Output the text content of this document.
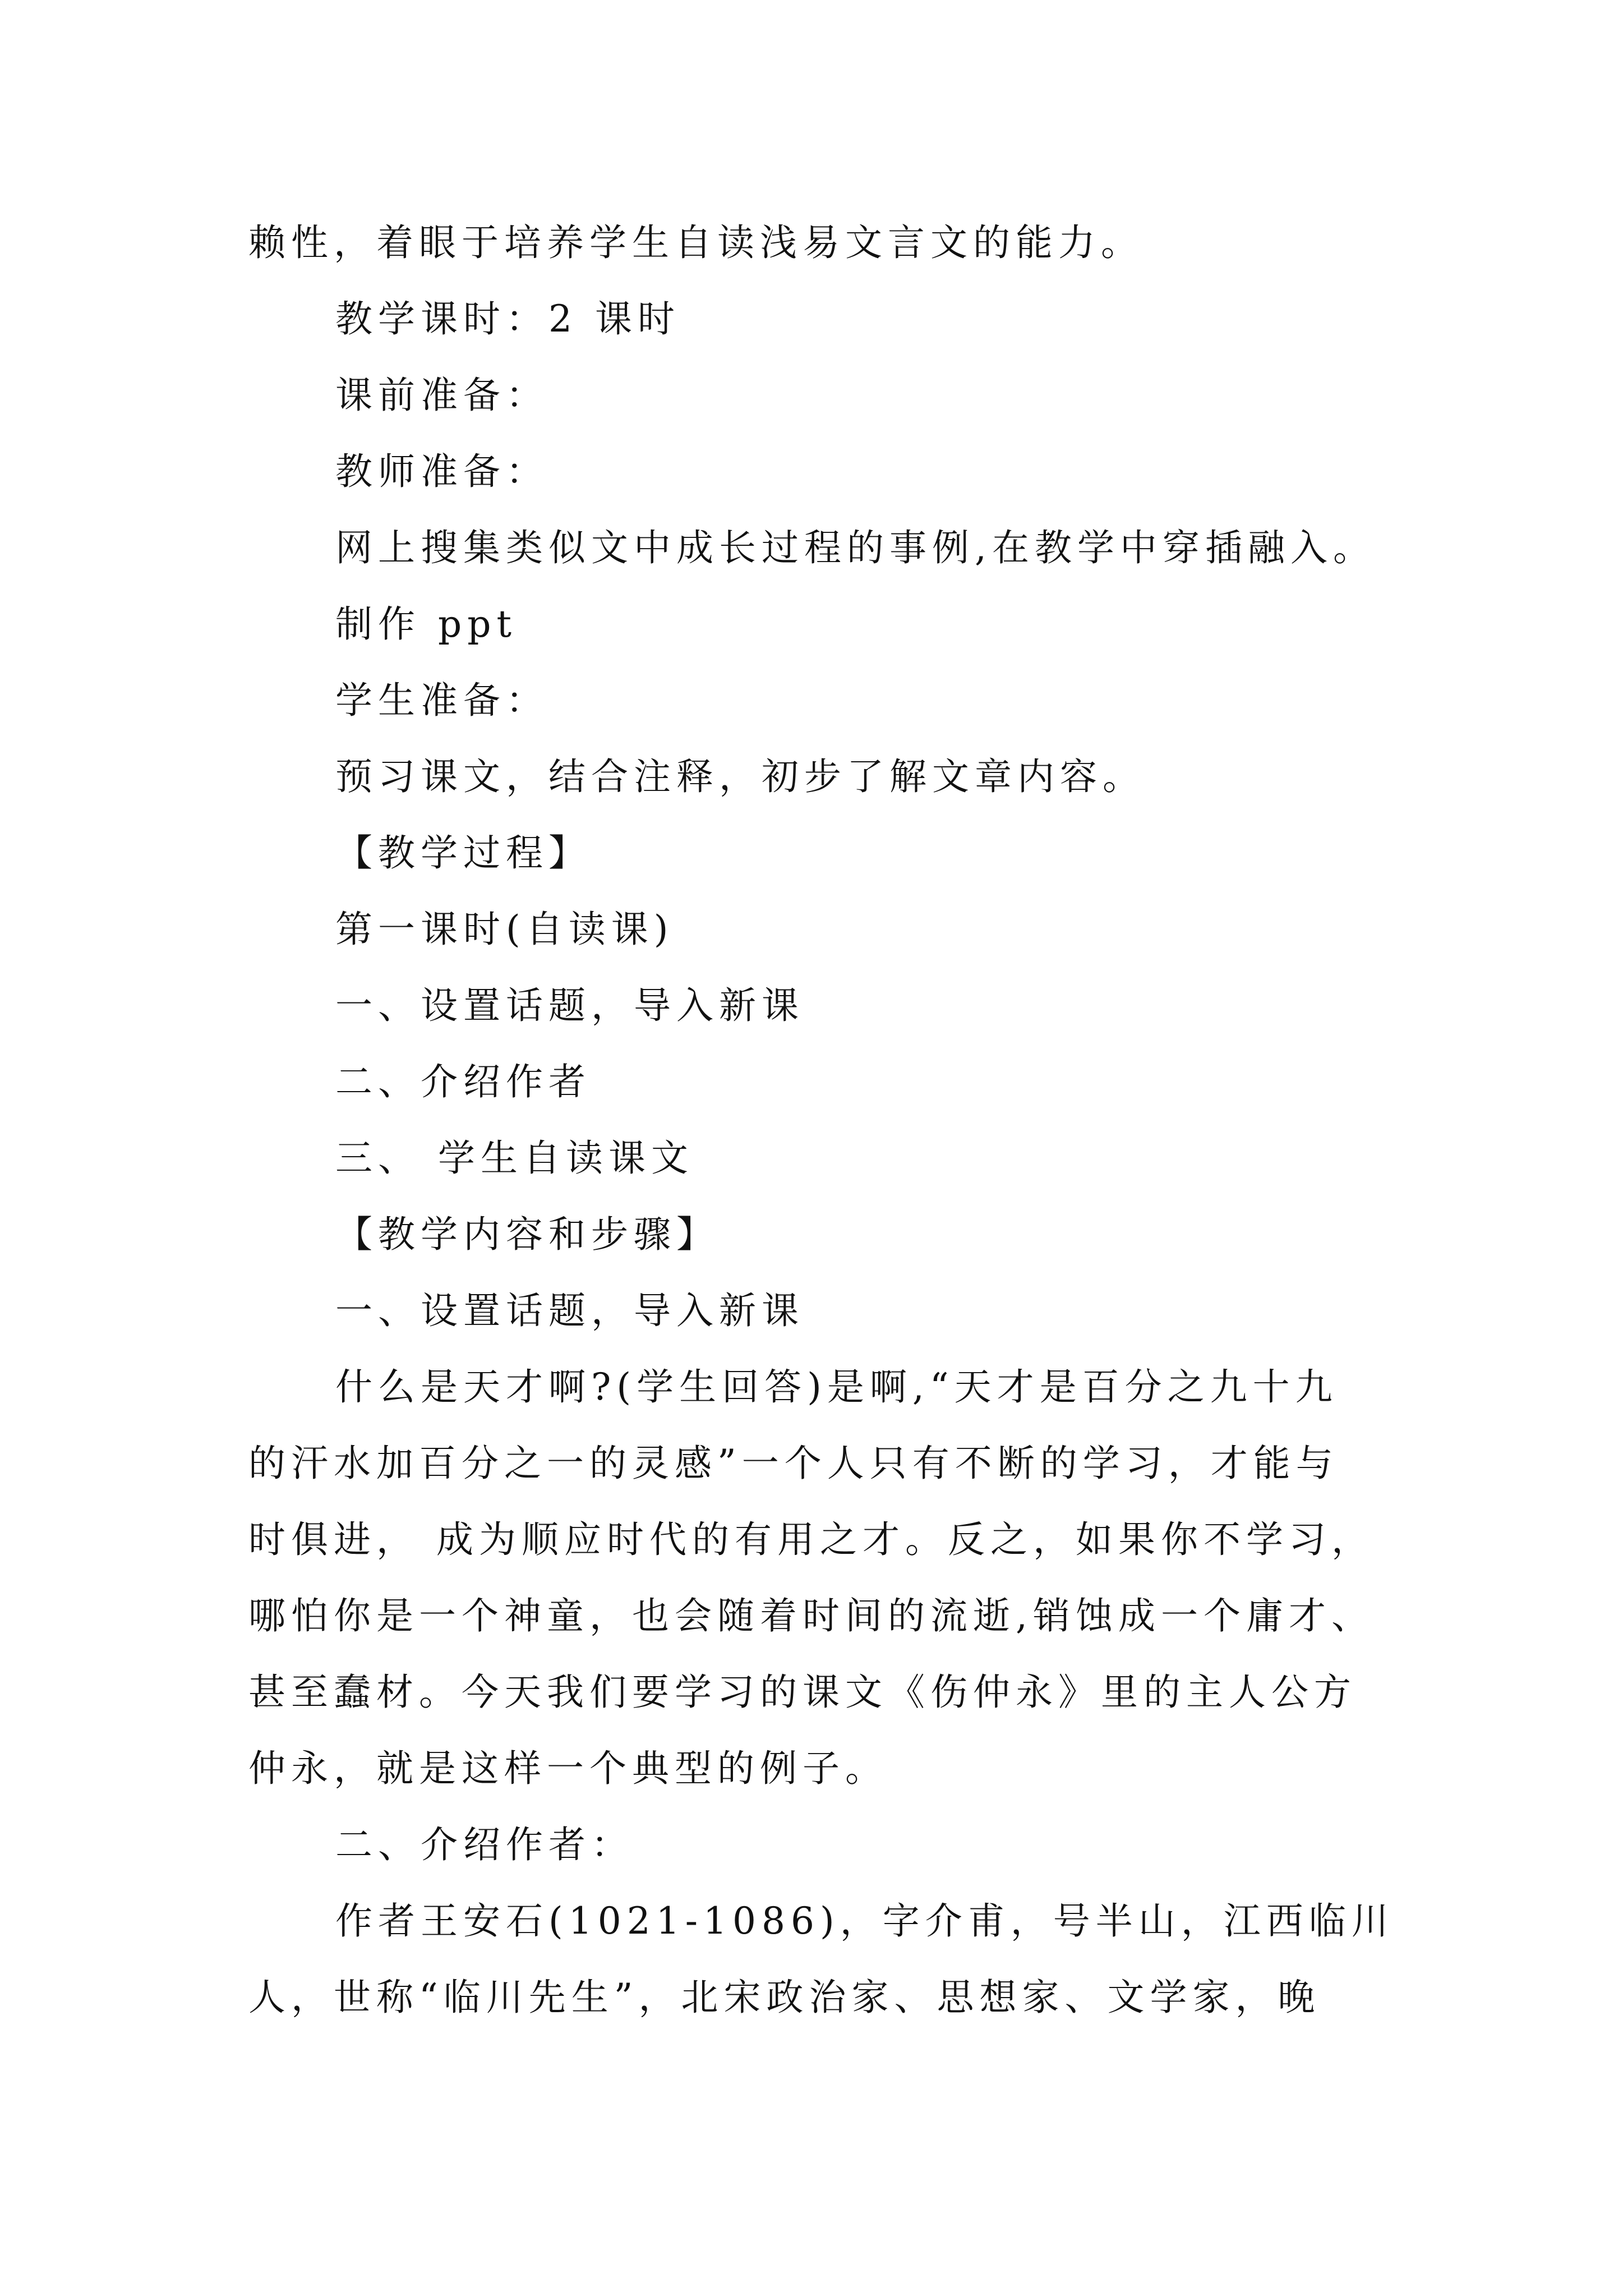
赖性，着眼于培养学生自读浅易文言文的能力。
教学课时：2 课时
课前准备：
教师准备：
网上搜集类似文中成长过程的事例,在教学中穿插融入。
制作 ppt
学生准备：
预习课文，结合注释，初步了解文章内容。
【教学过程】
第一课时(自读课)
一、设置话题，导入新课
二、介绍作者
三、 学生自读课文
【教学内容和步骤】
一、设置话题，导入新课
什么是天才啊?(学生回答)是啊,“天才是百分之九十九
的汗水加百分之一的灵感”一个人只有不断的学习，才能与
时俱进， 成为顺应时代的有用之才。反之，如果你不学习，
哪怕你是一个神童，也会随着时间的流逝,销蚀成一个庸才、
甚至蠢材。今天我们要学习的课文《伤仲永》里的主人公方
仲永，就是这样一个典型的例子。
二、介绍作者：
作者王安石(1021-1086)，字介甫，号半山，江西临川
人，世称“临川先生”，北宋政治家、思想家、文学家，晚
